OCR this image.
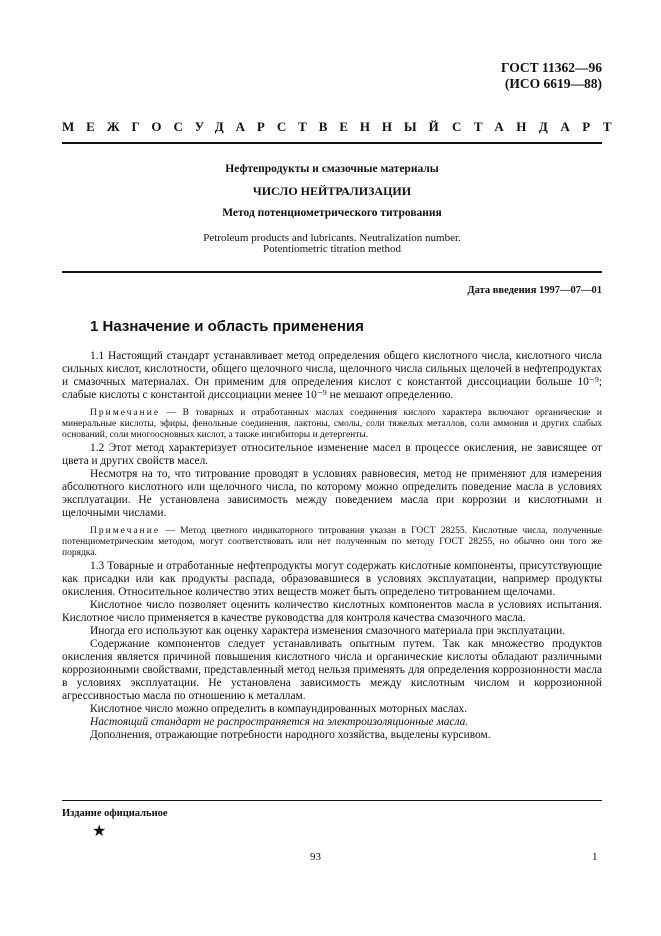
ГОСТ 11362—96
(ИСО 6619—88)
МЕЖГОСУДАРСТВЕННЫЙ СТАНДАРТ
Нефтепродукты и смазочные материалы
ЧИСЛО НЕЙТРАЛИЗАЦИИ
Метод потенциометрического титрования
Petroleum products and lubricants. Neutralization number.
Potentiometric titration method
Дата введения 1997—07—01
1 Назначение и область применения

1.1 Настоящий стандарт устанавливает метод определения общего кислотного числа, кислотного числа сильных кислот, кислотности, общего щелочного числа, щелочного числа сильных щелочей в нефтепродуктах и смазочных материалах. Он применим для определения кислот с константой диссоциации больше 10⁻⁹; слабые кислоты с константой диссоциации менее 10⁻⁹ не мешают определению.

Примечание — В товарных и отработанных маслах соединения кислого характера включают органические и минеральные кислоты, эфиры, фенольные соединения, лактоны, смолы, соли тяжелых металлов, соли аммония и других слабых оснований, соли многоосновных кислот, а также ингибиторы и детергенты.

1.2 Этот метод характеризует относительное изменение масел в процессе окисления, не зависящее от цвета и других свойств масел.

Несмотря на то, что титрование проводят в условиях равновесия, метод не применяют для измерения абсолютного кислотного или щелочного числа, по которому можно определить поведение масла в условиях эксплуатации. Не установлена зависимость между поведением масла при коррозии и кислотными и щелочными числами.

Примечание — Метод цветного индикаторного титрования указан в ГОСТ 28255. Кислотные числа, полученные потенциометрическим методом, могут соответствовать или нет полученным по методу ГОСТ 28255, но обычно они того же порядка.

1.3 Товарные и отработанные нефтепродукты могут содержать кислотные компоненты, присутствующие как присадки или как продукты распада, образовавшиеся в условиях эксплуатации, например продукты окисления. Относительное количество этих веществ может быть определено титрованием щелочами.

Кислотное число позволяет оценить количество кислотных компонентов масла в условиях испытания. Кислотное число применяется в качестве руководства для контроля качества смазочного масла.

Иногда его используют как оценку характера изменения смазочного материала при эксплуатации.

Содержание компонентов следует устанавливать опытным путем. Так как множество продуктов окисления является причиной повышения кислотного числа и органические кислоты обладают различными коррозионными свойствами, представленный метод нельзя применять для определения коррозионности масла в условиях эксплуатации. Не установлена зависимость между кислотным числом и коррозионной агрессивностью масла по отношению к металлам.

Кислотное число можно определить в компаундированных моторных маслах.

Настоящий стандарт не распространяется на электроизоляционные масла.

Дополнения, отражающие потребности народного хозяйства, выделены курсивом.

Издание официальное
★
93	1
